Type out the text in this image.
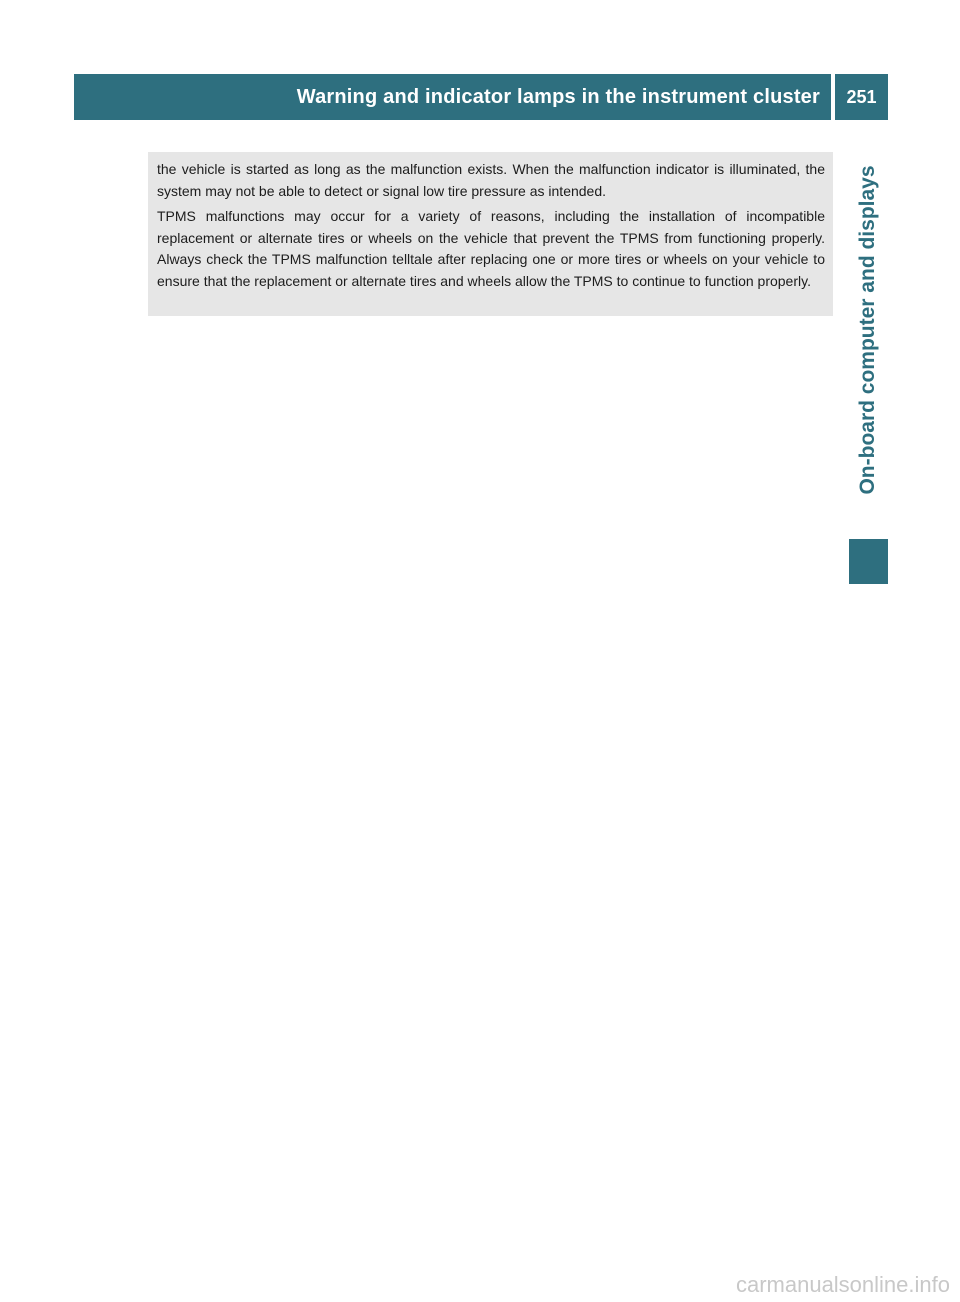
Warning and indicator lamps in the instrument cluster	251
On-board computer and displays

the vehicle is started as long as the malfunction exists. When the malfunction indicator is illuminated, the system may not be able to detect or signal low tire pressure as intended.

TPMS malfunctions may occur for a variety of reasons, including the installation of incompatible replacement or alternate tires or wheels on the vehicle that prevent the TPMS from functioning properly. Always check the TPMS malfunction telltale after replacing one or more tires or wheels on your vehicle to ensure that the replacement or alternate tires and wheels allow the TPMS to continue to function properly.

carmanualsonline.info
